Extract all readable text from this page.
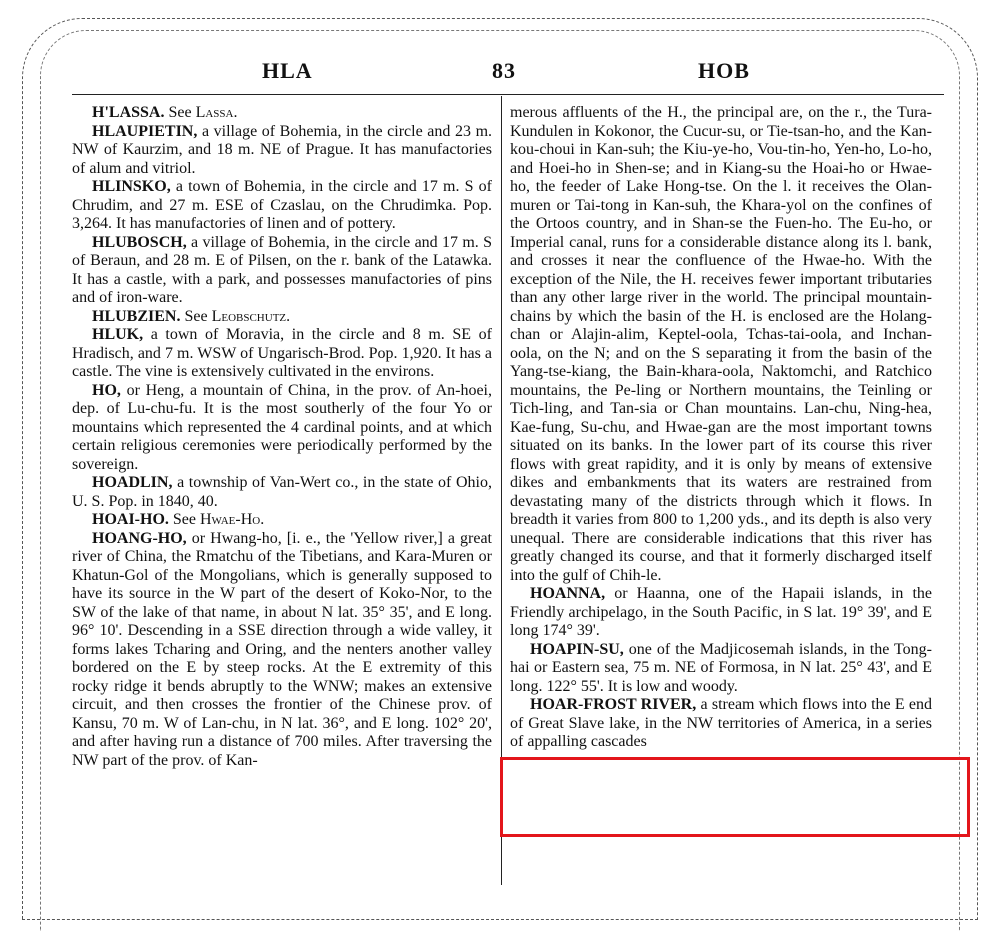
HLA	83	HOB

H'LASSA. See Lassa.

HLAUPIETIN, a village of Bohemia, in the circle and 23 m. NW of Kaurzim, and 18 m. NE of Prague. It has manufactories of alum and vitriol.

HLINSKO, a town of Bohemia, in the circle and 17 m. S of Chrudim, and 27 m. ESE of Czaslau, on the Chrudimka. Pop. 3,264. It has manufactories of linen and of pottery.

HLUBOSCH, a village of Bohemia, in the circle and 17 m. S of Beraun, and 28 m. E of Pilsen, on the r. bank of the Latawka. It has a castle, with a park, and possesses manufactories of pins and of iron-ware.

HLUBZIEN. See Leobschutz.

HLUK, a town of Moravia, in the circle and 8 m. SE of Hradisch, and 7 m. WSW of Ungarisch-Brod. Pop. 1,920. It has a castle. The vine is extensively cultivated in the environs.

HO, or Heng, a mountain of China, in the prov. of An-hoei, dep. of Lu-chu-fu. It is the most southerly of the four Yo or mountains which represented the 4 cardinal points, and at which certain religious ceremonies were periodically performed by the sovereign.

HOADLIN, a township of Van-Wert co., in the state of Ohio, U. S. Pop. in 1840, 40.

HOAI-HO. See Hwae-Ho.

HOANG-HO, or Hwang-ho, [i. e., the 'Yellow river,] a great river of China, the Rmatchu of the Tibetians, and Kara-Muren or Khatun-Gol of the Mongolians, which is generally supposed to have its source in the W part of the desert of Koko-Nor, to the SW of the lake of that name, in about N lat. 35° 35', and E long. 96° 10'. Descending in a SSE direction through a wide valley, it forms lakes Tcharing and Oring, and the nenters another valley bordered on the E by steep rocks. At the E extremity of this rocky ridge it bends abruptly to the WNW; makes an extensive circuit, and then crosses the frontier of the Chinese prov. of Kansu, 70 m. W of Lan-chu, in N lat. 36°, and E long. 102° 20', and after having run a distance of 700 miles. After traversing the NW part of the prov. of Kan-

merous affluents of the H., the principal are, on the r., the Tura-Kundulen in Kokonor, the Cucur-su, or Tie-tsan-ho, and the Kan-kou-choui in Kan-suh; the Kiu-ye-ho, Vou-tin-ho, Yen-ho, Lo-ho, and Hoei-ho in Shen-se; and in Kiang-su the Hoai-ho or Hwae-ho, the feeder of Lake Hong-tse. On the l. it receives the Olan-muren or Tai-tong in Kan-suh, the Khara-yol on the confines of the Ortoos country, and in Shan-se the Fuen-ho. The Eu-ho, or Imperial canal, runs for a considerable distance along its l. bank, and crosses it near the confluence of the Hwae-ho. With the exception of the Nile, the H. receives fewer important tributaries than any other large river in the world. The principal mountain-chains by which the basin of the H. is enclosed are the Holang-chan or Alajin-alim, Keptel-oola, Tchas-tai-oola, and Inchan-oola, on the N; and on the S separating it from the basin of the Yang-tse-kiang, the Bain-khara-oola, Naktomchi, and Ratchico mountains, the Pe-ling or Northern mountains, the Teinling or Tich-ling, and Tan-sia or Chan mountains. Lan-chu, Ning-hea, Kae-fung, Su-chu, and Hwae-gan are the most important towns situated on its banks. In the lower part of its course this river flows with great rapidity, and it is only by means of extensive dikes and embankments that its waters are restrained from devastating many of the districts through which it flows. In breadth it varies from 800 to 1,200 yds., and its depth is also very unequal. There are considerable indications that this river has greatly changed its course, and that it formerly discharged itself into the gulf of Chih-le.

HOANNA, or Haanna, one of the Hapaii islands, in the Friendly archipelago, in the South Pacific, in S lat. 19° 39', and E long 174° 39'.

HOAPIN-SU, one of the Madjicosemah islands, in the Tong-hai or Eastern sea, 75 m. NE of Formosa, in N lat. 25° 43', and E long. 122° 55'. It is low and woody.

HOAR-FROST RIVER, a stream which flows into the E end of Great Slave lake, in the NW territories of America, in a series of appalling cascades
